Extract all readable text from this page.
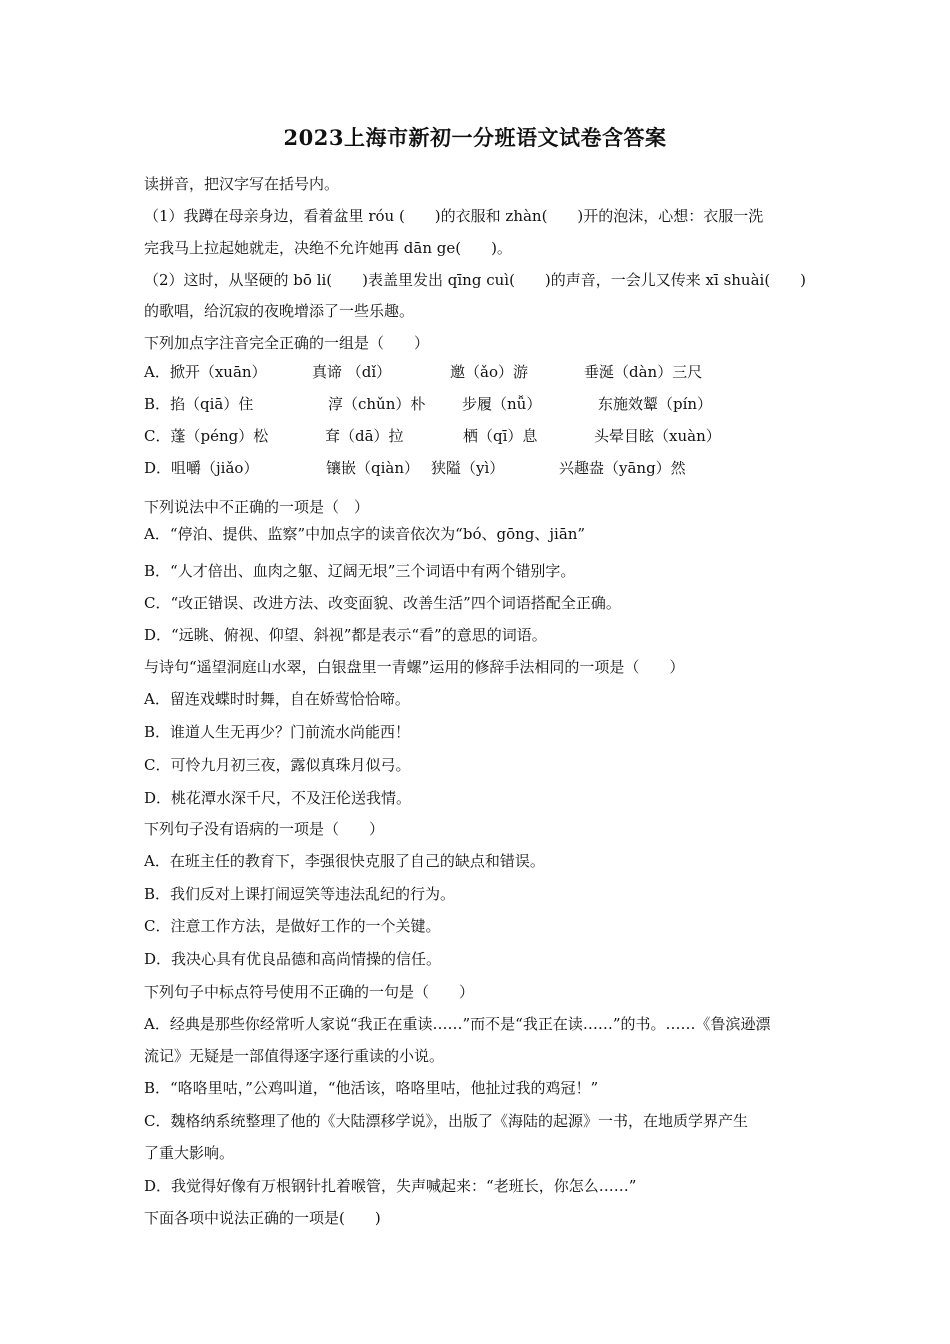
2023上海市新初一分班语文试卷含答案
读拼音，把汉字写在括号内。
（1）我蹲在母亲身边，看着盆里 róu (　　)的衣服和 zhàn(　　)开的泡沫，心想：衣服一洗
完我马上拉起她就走，决绝不允许她再 dān ge(　　)。
（2）这时，从坚硬的 bō li(　　)表盖里发出 qīng cuì(　　)的声音，一会儿又传来 xī shuài(　　)
的歌唱，给沉寂的夜晚增添了一些乐趣。
下列加点字注音完全正确的一组是（　　）
A．掀开（xuān）	真谛 （dǐ）	邀（ǎo）游	垂涎（dàn）三尺
B．掐（qiā）住	淳（chǔn）朴 步履（nǚ）	东施效颦（pín）
C．蓬（péng）松	耷（dā）拉	栖（qī）息	头晕目眩（xuàn）
D．咀嚼（jiǎo）	镶嵌（qiàn） 狭隘（yì）	兴趣盎（yāng）然
下列说法中不正确的一项是（　）
A．“停泊、提供、监察”中加点字的读音依次为“bó、gōng、jiān”
B．“人才倍出、血肉之躯、辽阔无垠”三个词语中有两个错别字。
C．“改正错误、改进方法、改变面貌、改善生活”四个词语搭配全正确。
D．“远眺、俯视、仰望、斜视”都是表示“看”的意思的词语。
与诗句“遥望洞庭山水翠，白银盘里一青螺”运用的修辞手法相同的一项是（　　）
A．留连戏蝶时时舞，自在娇莺恰恰啼。
B．谁道人生无再少？门前流水尚能西！
C．可怜九月初三夜，露似真珠月似弓。
D．桃花潭水深千尺，不及汪伦送我情。
下列句子没有语病的一项是（　　）
A．在班主任的教育下，李强很快克服了自己的缺点和错误。
B．我们反对上课打闹逗笑等违法乱纪的行为。
C．注意工作方法，是做好工作的一个关键。
D．我决心具有优良品德和高尚情操的信任。
下列句子中标点符号使用不正确的一句是（　　）
A．经典是那些你经常听人家说“我正在重读……”而不是“我正在读……”的书。……《鲁滨逊漂
流记》无疑是一部值得逐字逐行重读的小说。
B．“咯咯里咕，”公鸡叫道，“他活该，咯咯里咕，他扯过我的鸡冠！”
C．魏格纳系统整理了他的《大陆漂移学说》，出版了《海陆的起源》一书，在地质学界产生
了重大影响。
D．我觉得好像有万根钢针扎着喉管，失声喊起来：“老班长，你怎么……”
下面各项中说法正确的一项是(　　)
